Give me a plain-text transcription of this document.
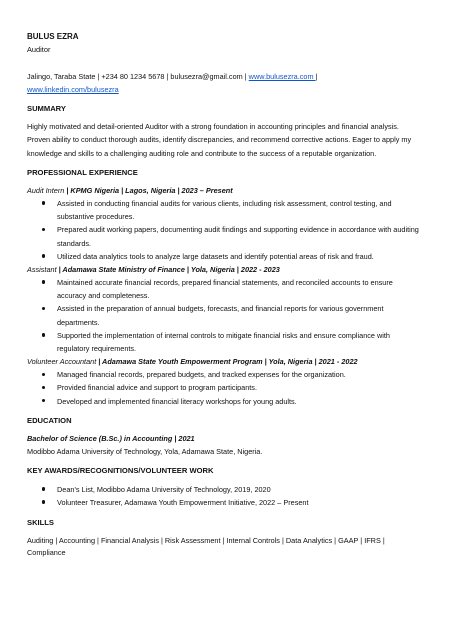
BULUS EZRA
Auditor
Jalingo, Taraba State | +234 80 1234 5678 | bulusezra@gmail.com | www.bulusezra.com |
www.linkedin.com/bulusezra
SUMMARY
Highly motivated and detail-oriented Auditor with a strong foundation in accounting principles and financial analysis. Proven ability to conduct thorough audits, identify discrepancies, and recommend corrective actions. Eager to apply my knowledge and skills to a challenging auditing role and contribute to the success of a reputable organization.
PROFESSIONAL EXPERIENCE
Audit Intern | KPMG Nigeria | Lagos, Nigeria | 2023 – Present
Assisted in conducting financial audits for various clients, including risk assessment, control testing, and substantive procedures.
Prepared audit working papers, documenting audit findings and supporting evidence in accordance with auditing standards.
Utilized data analytics tools to analyze large datasets and identify potential areas of risk and fraud.
Assistant | Adamawa State Ministry of Finance | Yola, Nigeria | 2022 - 2023
Maintained accurate financial records, prepared financial statements, and reconciled accounts to ensure accuracy and completeness.
Assisted in the preparation of annual budgets, forecasts, and financial reports for various government departments.
Supported the implementation of internal controls to mitigate financial risks and ensure compliance with regulatory requirements.
Volunteer Accountant | Adamawa State Youth Empowerment Program | Yola, Nigeria | 2021 - 2022
Managed financial records, prepared budgets, and tracked expenses for the organization.
Provided financial advice and support to program participants.
Developed and implemented financial literacy workshops for young adults.
EDUCATION
Bachelor of Science (B.Sc.) in Accounting | 2021
Modibbo Adama University of Technology, Yola, Adamawa State, Nigeria.
KEY AWARDS/RECOGNITIONS/VOLUNTEER WORK
Dean's List, Modibbo Adama University of Technology, 2019, 2020
Volunteer Treasurer, Adamawa Youth Empowerment Initiative, 2022 – Present
SKILLS
Auditing | Accounting | Financial Analysis | Risk Assessment | Internal Controls | Data Analytics | GAAP | IFRS | Compliance
